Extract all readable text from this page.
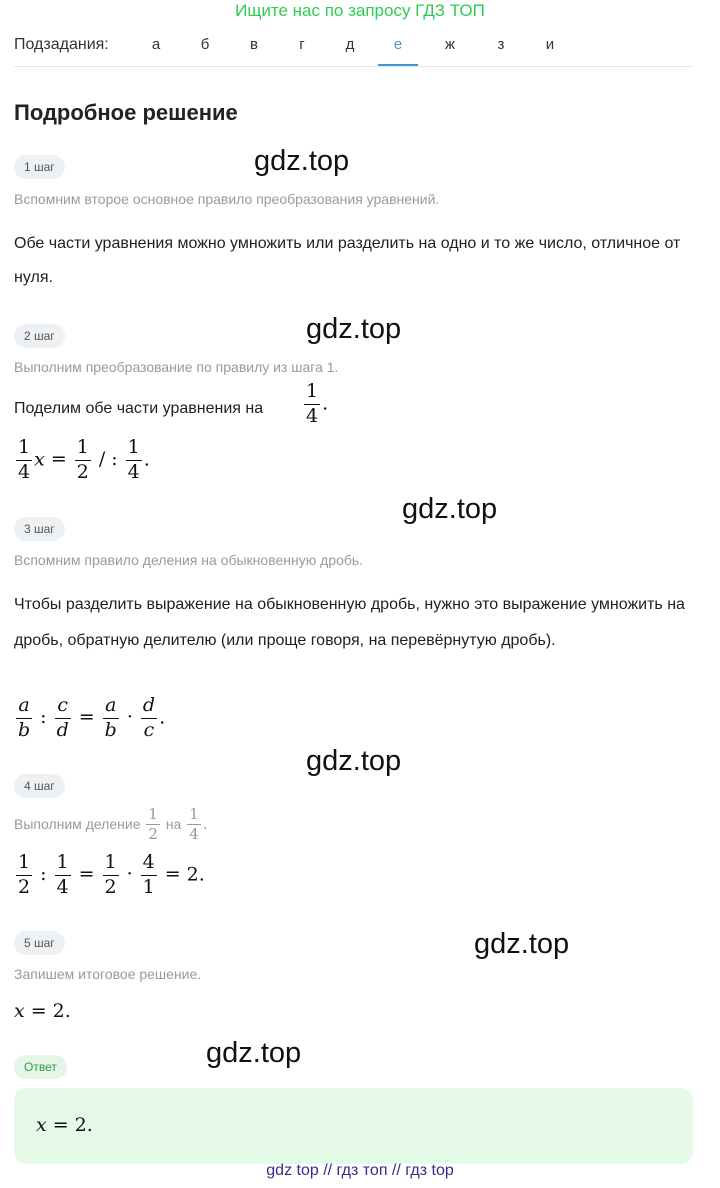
Ищите нас по запросу ГДЗ ТОП
Подзадания:	а	б	в	г	д	е	ж	з	и
Подробное решение
1 шаг	gdz.top
Вспомним второе основное правило преобразования уравнений.
Обе части уравнения можно умножить или разделить на одно и то же число, отличное от нуля.
2 шаг	gdz.top
Выполним преобразование по правилу из шага 1.
Поделим обе части уравнения на	$\frac{1}{4}$ .
$\frac{1}{4}$ $x = \frac{1}{2}$ / : $\frac{1}{4}$ .
gdz.top
3 шаг
Вспомним правило деления на обыкновенную дробь.
Чтобы разделить выражение на обыкновенную дробь, нужно это выражение умножить на дробь, обратную делителю (или проще говоря, на перевёрнутую дробь).
$\frac{a}{b}$ : $\frac{c}{d} = \frac{a}{b} \cdot \frac{d}{c}$ .
gdz.top
4 шаг
Выполним деление $\frac{1}{2}$ на $\frac{1}{4}$ .
$\frac{1}{2}$ : $\frac{1}{4} = \frac{1}{2} \cdot \frac{4}{1} = 2$.
5 шаг	gdz.top
Запишем итоговое решение.
x = 2.
gdz.top
Ответ
x = 2.
gdz top // гдз топ // гдз top
